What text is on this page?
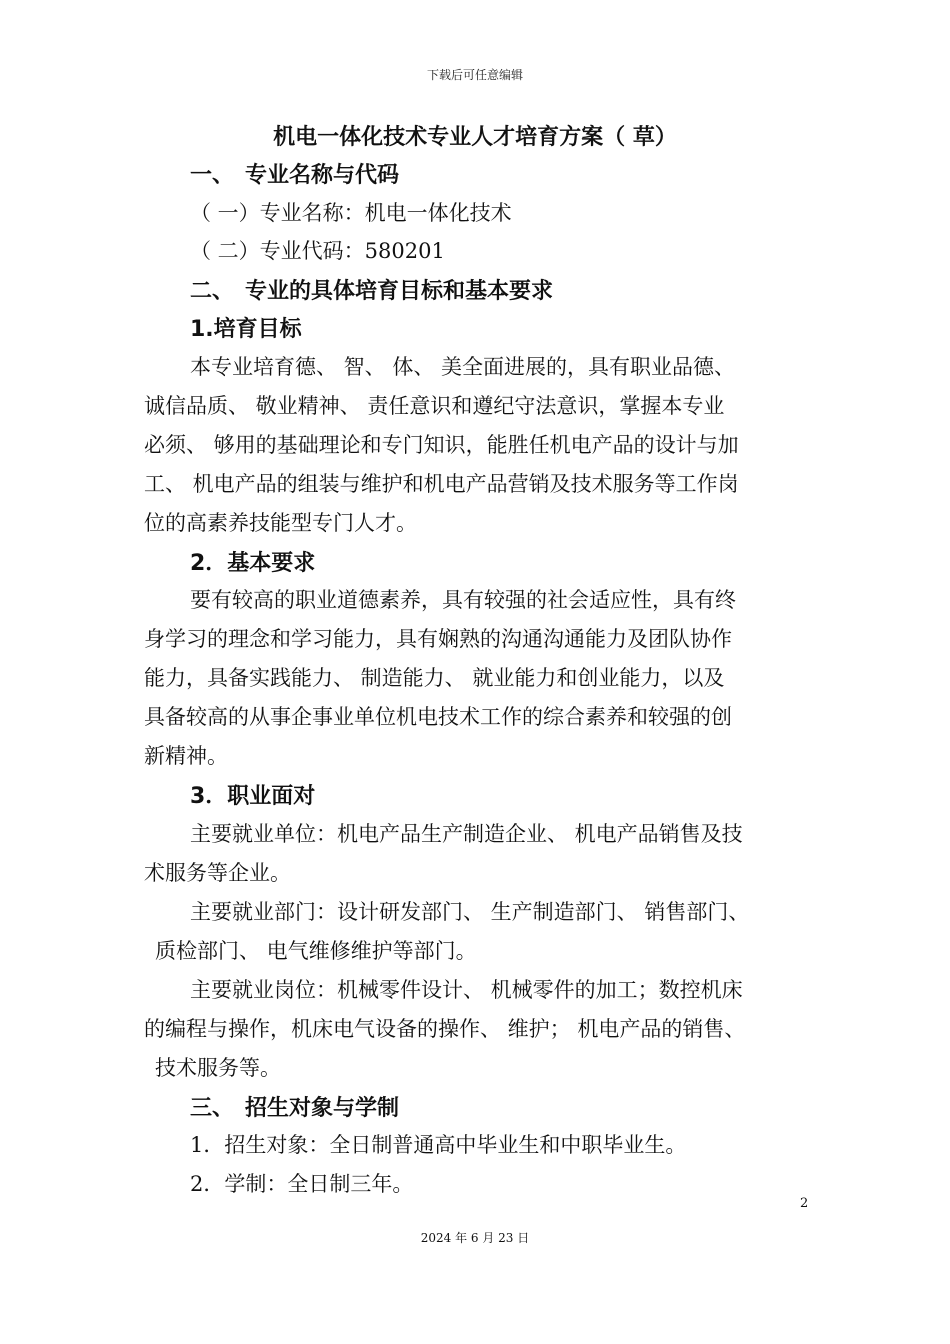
下载后可任意编辑
机电一体化技术专业人才培育方案（ 草）
一、　专业名称与代码
（ 一）专业名称：机电一体化技术
（ 二）专业代码：580201
二、　专业的具体培育目标和基本要求
1.培育目标
本专业培育德、 智、 体、 美全面进展的，具有职业品德、
诚信品质、 敬业精神、 责任意识和遵纪守法意识，掌握本专业
必须、 够用的基础理论和专门知识，能胜任机电产品的设计与加
工、 机电产品的组装与维护和机电产品营销及技术服务等工作岗
位的高素养技能型专门人才。
2．基本要求
要有较高的职业道德素养，具有较强的社会适应性，具有终
身学习的理念和学习能力，具有娴熟的沟通沟通能力及团队协作
能力，具备实践能力、 制造能力、 就业能力和创业能力，以及
具备较高的从事企事业单位机电技术工作的综合素养和较强的创
新精神。
3．职业面对
主要就业单位：机电产品生产制造企业、 机电产品销售及技
术服务等企业。
主要就业部门：设计研发部门、 生产制造部门、 销售部门、
质检部门、 电气维修维护等部门。
主要就业岗位：机械零件设计、 机械零件的加工；数控机床
的编程与操作，机床电气设备的操作、 维护； 机电产品的销售、
技术服务等。
三、　招生对象与学制
1．招生对象：全日制普通高中毕业生和中职毕业生。
2．学制：全日制三年。
2
2024 年 6 月 23 日
